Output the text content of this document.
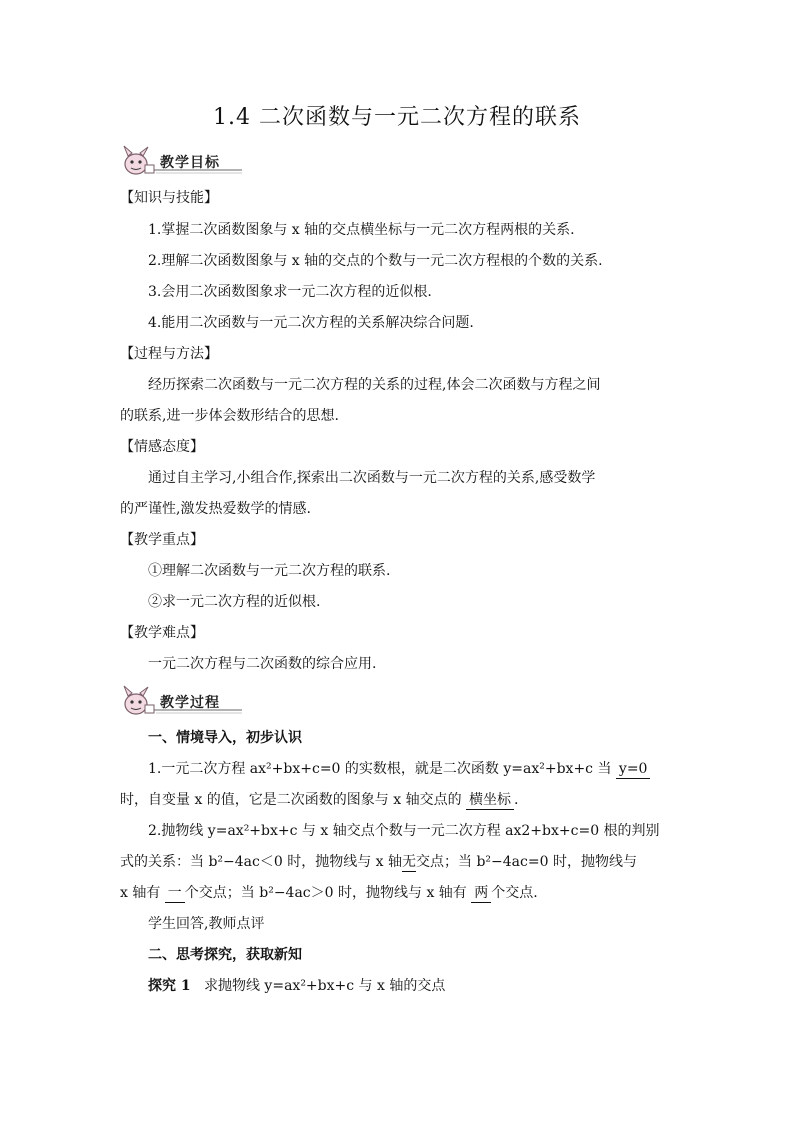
1.4 二次函数与一元二次方程的联系
教学目标

【知识与技能】

1.掌握二次函数图象与 x 轴的交点横坐标与一元二次方程两根的关系.

2.理解二次函数图象与 x 轴的交点的个数与一元二次方程根的个数的关系.

3.会用二次函数图象求一元二次方程的近似根.

4.能用二次函数与一元二次方程的关系解决综合问题.

【过程与方法】

经历探索二次函数与一元二次方程的关系的过程,体会二次函数与方程之间

的联系,进一步体会数形结合的思想.

【情感态度】

通过自主学习,小组合作,探索出二次函数与一元二次方程的关系,感受数学

的严谨性,激发热爱数学的情感.

【教学重点】

①理解二次函数与一元二次方程的联系.

②求一元二次方程的近似根.

【教学难点】

一元二次方程与二次函数的综合应用.

教学过程

一、情境导入，初步认识

1.一元二次方程 ax²+bx+c=0 的实数根，就是二次函数 y=ax²+bx+c 当 y=0

时，自变量 x 的值，它是二次函数的图象与 x 轴交点的 横坐标 .

2.抛物线 y=ax²+bx+c 与 x 轴交点个数与一元二次方程 ax2+bx+c=0 根的判别

式的关系：当 b²−4ac＜0 时，抛物线与 x 轴无交点；当 b²−4ac=0 时，抛物线与

x 轴有 一 个交点；当 b²−4ac＞0 时，抛物线与 x 轴有 两 个交点.

学生回答,教师点评

二、思考探究，获取新知

探究 1 求抛物线 y=ax²+bx+c 与 x 轴的交点
